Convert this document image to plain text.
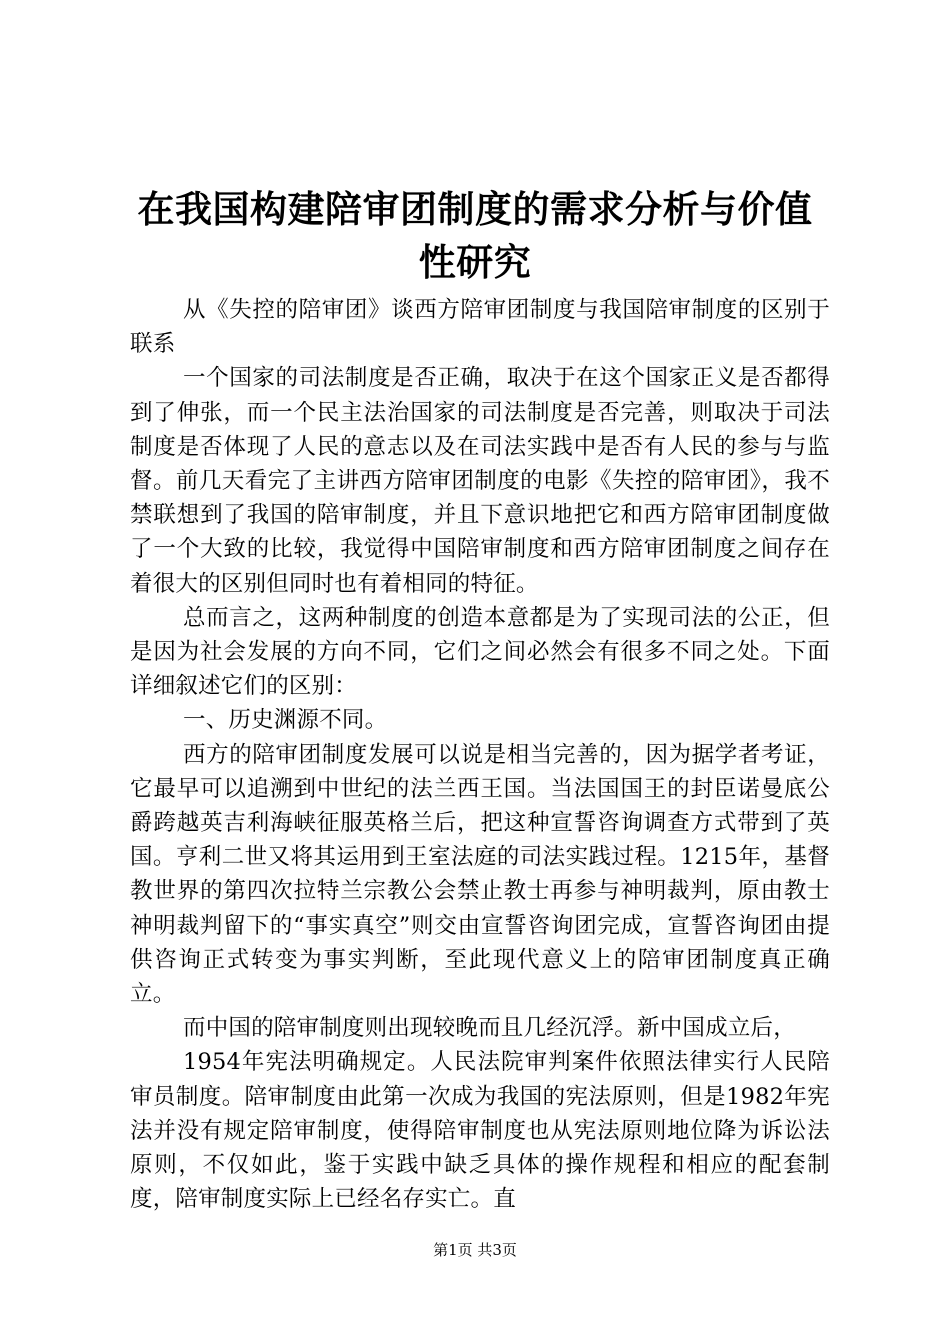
在我国构建陪审团制度的需求分析与价值性研究

从《失控的陪审团》谈西方陪审团制度与我国陪审制度的区别于联系

一个国家的司法制度是否正确，取决于在这个国家正义是否都得到了伸张，而一个民主法治国家的司法制度是否完善，则取决于司法制度是否体现了人民的意志以及在司法实践中是否有人民的参与与监督。前几天看完了主讲西方陪审团制度的电影《失控的陪审团》，我不禁联想到了我国的陪审制度，并且下意识地把它和西方陪审团制度做了一个大致的比较，我觉得中国陪审制度和西方陪审团制度之间存在着很大的区别但同时也有着相同的特征。

总而言之，这两种制度的创造本意都是为了实现司法的公正，但是因为社会发展的方向不同，它们之间必然会有很多不同之处。下面详细叙述它们的区别：

一、历史渊源不同。

西方的陪审团制度发展可以说是相当完善的，因为据学者考证，它最早可以追溯到中世纪的法兰西王国。当法国国王的封臣诺曼底公爵跨越英吉利海峡征服英格兰后，把这种宣誓咨询调查方式带到了英国。亨利二世又将其运用到王室法庭的司法实践过程。1215年，基督教世界的第四次拉特兰宗教公会禁止教士再参与神明裁判，原由教士神明裁判留下的“事实真空”则交由宣誓咨询团完成，宣誓咨询团由提供咨询正式转变为事实判断，至此现代意义上的陪审团制度真正确立。

而中国的陪审制度则出现较晚而且几经沉浮。新中国成立后，

1954年宪法明确规定。人民法院审判案件依照法律实行人民陪审员制度。陪审制度由此第一次成为我国的宪法原则，但是1982年宪法并没有规定陪审制度，使得陪审制度也从宪法原则地位降为诉讼法原则，不仅如此，鉴于实践中缺乏具体的操作规程和相应的配套制度，陪审制度实际上已经名存实亡。直

第1页 共3页
